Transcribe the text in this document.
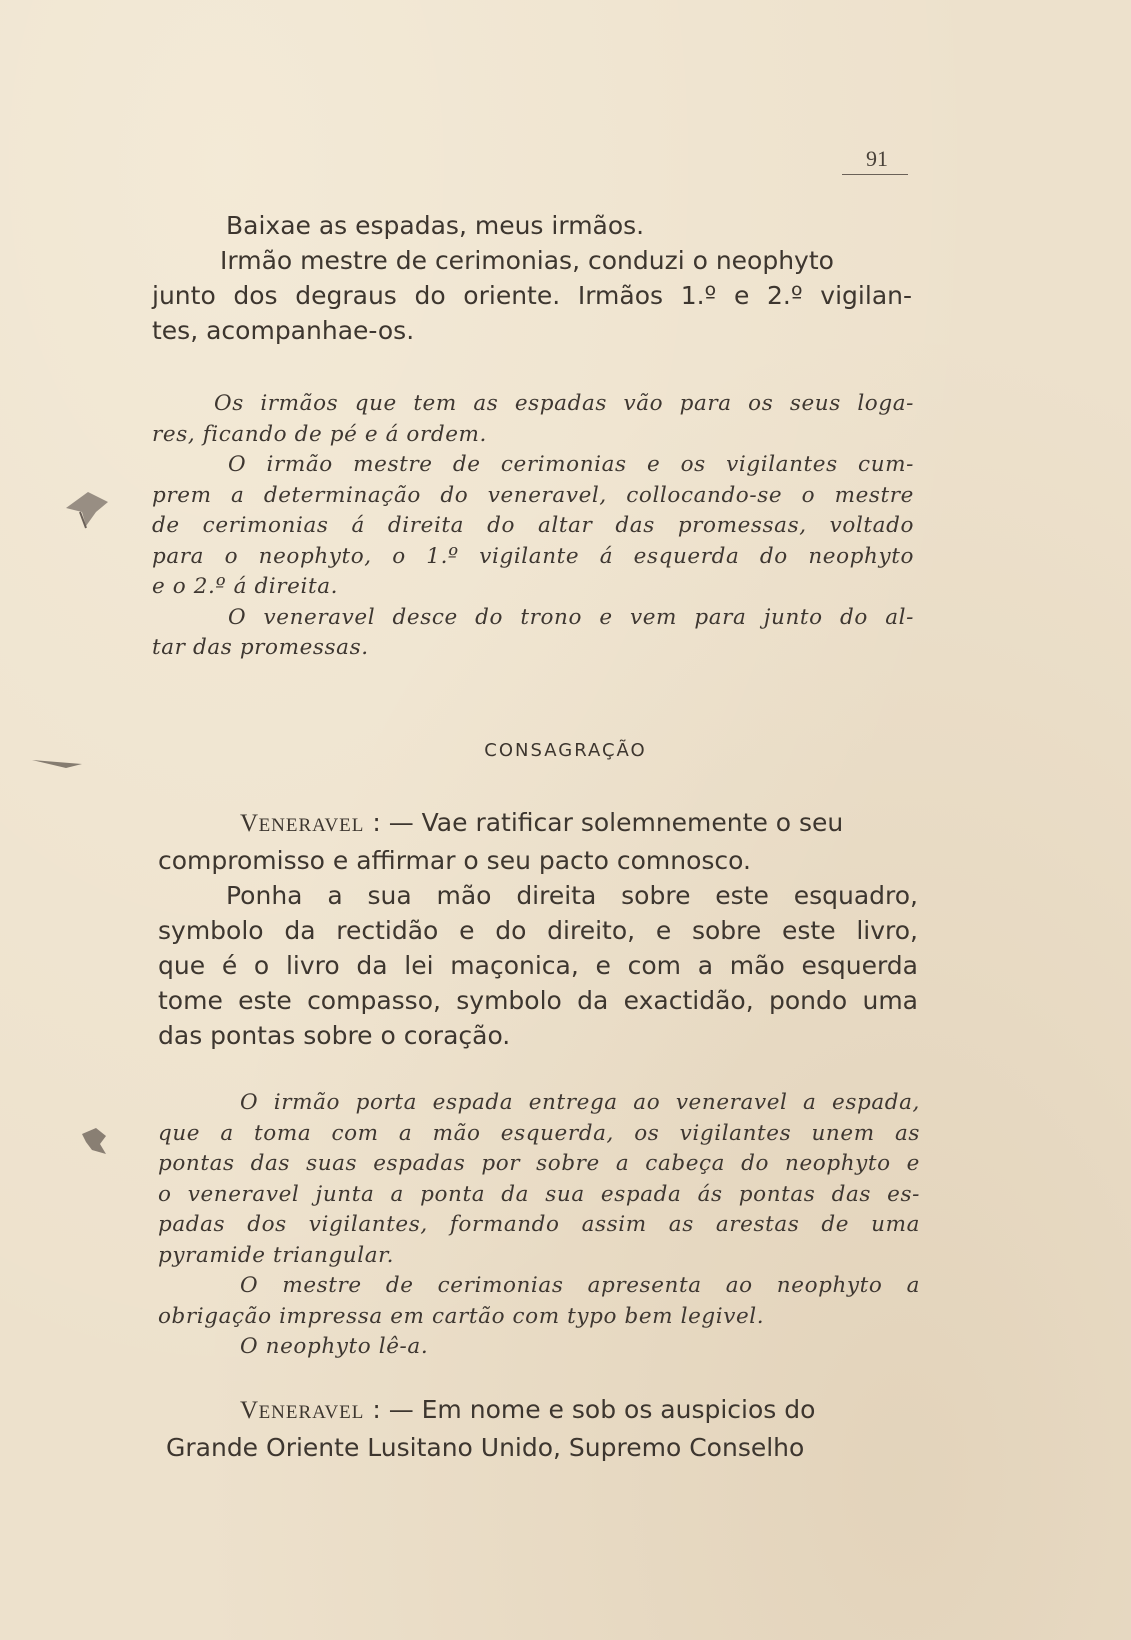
91
Baixae as espadas, meus irmãos.
Irmão mestre de cerimonias, conduzi o neophyto
junto dos degraus do oriente. Irmãos 1.º e 2.º vigilan-
tes, acompanhae-os.
Os irmãos que tem as espadas vão para os seus loga-
res, ficando de pé e á ordem.
O irmão mestre de cerimonias e os vigilantes cum-
prem a determinação do veneravel, collocando-se o mestre
de cerimonias á direita do altar das promessas, voltado
para o neophyto, o 1.º vigilante á esquerda do neophyto
e o 2.º á direita.
O veneravel desce do trono e vem para junto do al-
tar das promessas.
CONSAGRAÇÃO
VENERAVEL : — Vae ratificar solemnemente o seu
compromisso e affirmar o seu pacto comnosco.
Ponha a sua mão direita sobre este esquadro,
symbolo da rectidão e do direito, e sobre este livro,
que é o livro da lei maçonica, e com a mão esquerda
tome este compasso, symbolo da exactidão, pondo uma
das pontas sobre o coração.
O irmão porta espada entrega ao veneravel a espada,
que a toma com a mão esquerda, os vigilantes unem as
pontas das suas espadas por sobre a cabeça do neophyto e
o veneravel junta a ponta da sua espada ás pontas das es-
padas dos vigilantes, formando assim as arestas de uma
pyramide triangular.
O mestre de cerimonias apresenta ao neophyto a
obrigação impressa em cartão com typo bem legivel.
O neophyto lê-a.
VENERAVEL : — Em nome e sob os auspicios do
Grande Oriente Lusitano Unido, Supremo Conselho
